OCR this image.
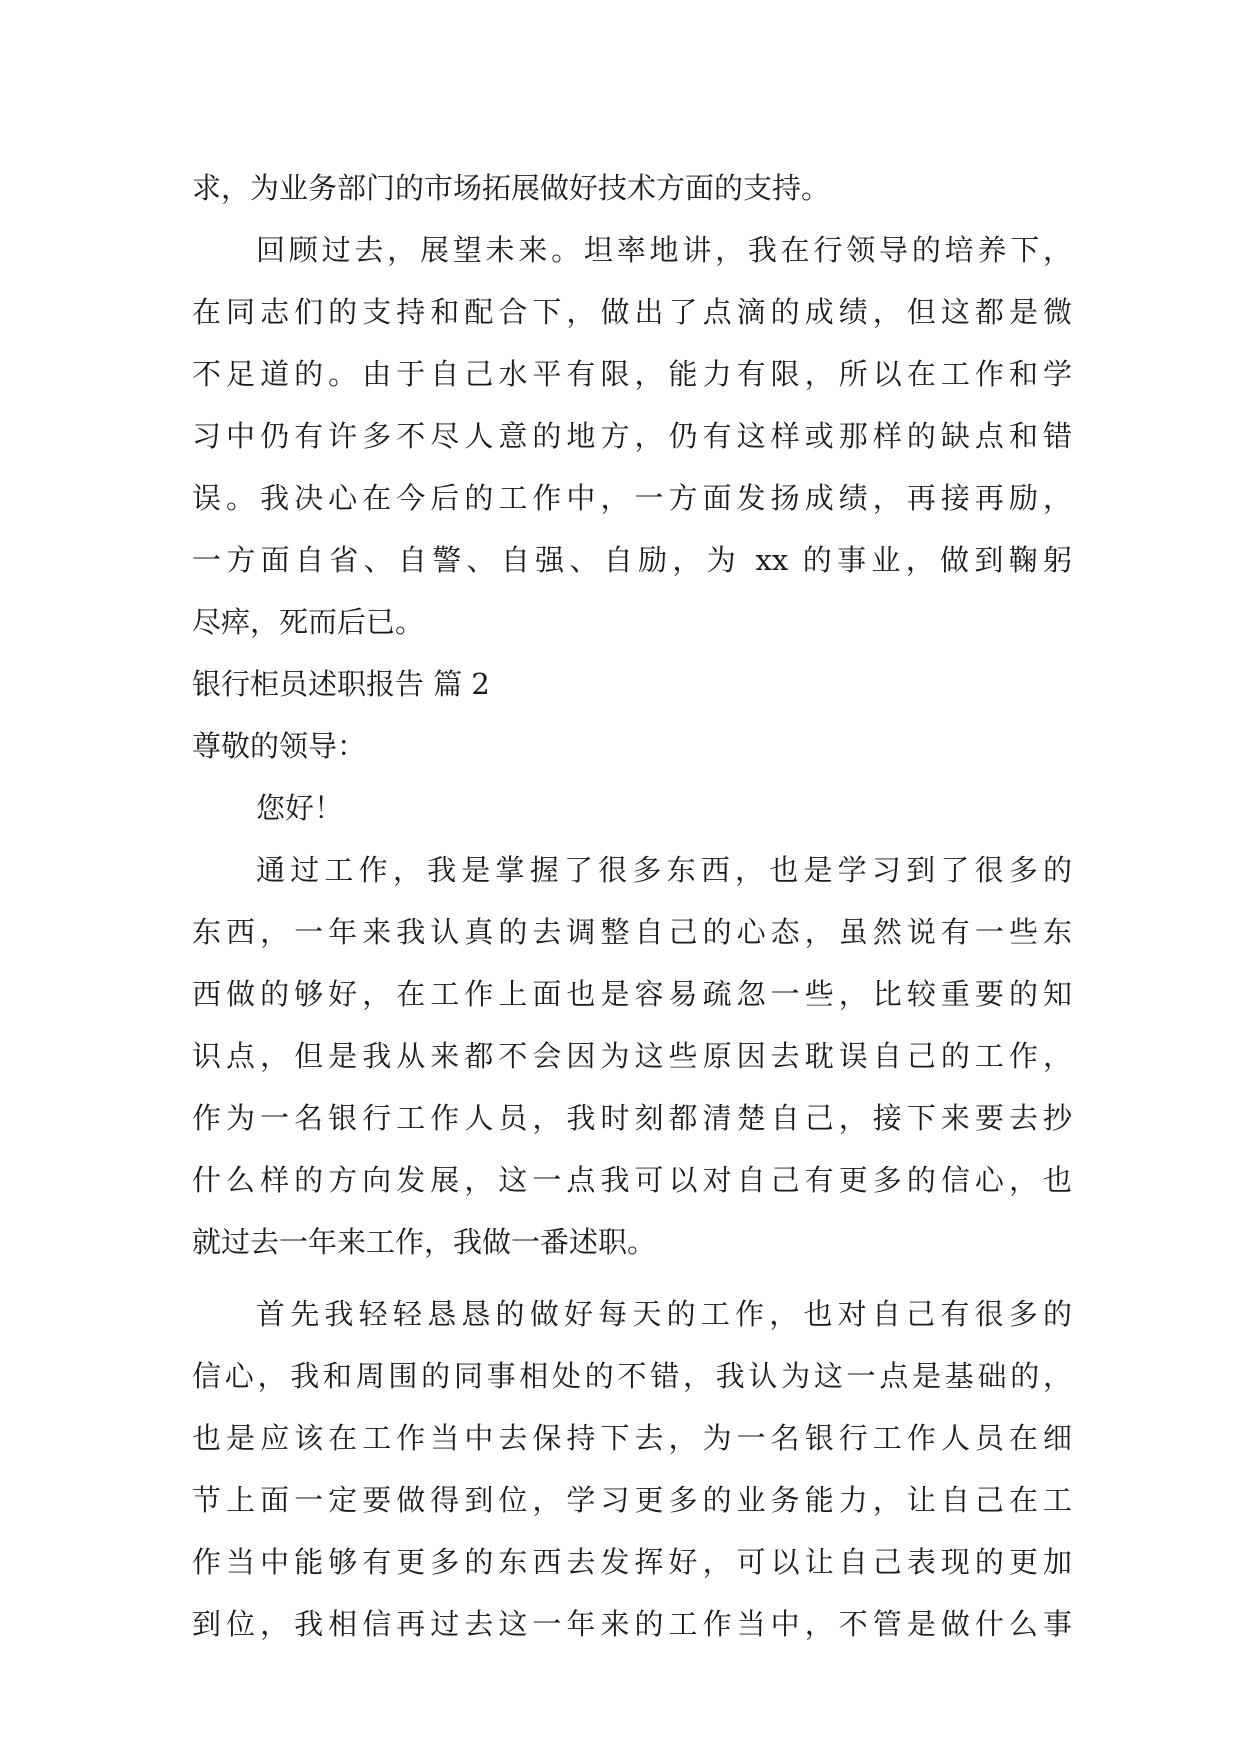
求，为业务部门的市场拓展做好技术方面的支持。
回顾过去，展望未来。坦率地讲，我在行领导的培养下，
在同志们的支持和配合下，做出了点滴的成绩，但这都是微
不足道的。由于自己水平有限，能力有限，所以在工作和学
习中仍有许多不尽人意的地方，仍有这样或那样的缺点和错
误。我决心在今后的工作中，一方面发扬成绩，再接再励，
一方面自省、自警、自强、自励，为 xx 的事业，做到鞠躬
尽瘁，死而后已。
银行柜员述职报告 篇 2
尊敬的领导：
您好！
通过工作，我是掌握了很多东西，也是学习到了很多的
东西，一年来我认真的去调整自己的心态，虽然说有一些东
西做的够好，在工作上面也是容易疏忽一些，比较重要的知
识点，但是我从来都不会因为这些原因去耽误自己的工作，
作为一名银行工作人员，我时刻都清楚自己，接下来要去抄
什么样的方向发展，这一点我可以对自己有更多的信心，也
就过去一年来工作，我做一番述职。
首先我轻轻恳恳的做好每天的工作，也对自己有很多的
信心，我和周围的同事相处的不错，我认为这一点是基础的，
也是应该在工作当中去保持下去，为一名银行工作人员在细
节上面一定要做得到位，学习更多的业务能力，让自己在工
作当中能够有更多的东西去发挥好，可以让自己表现的更加
到位，我相信再过去这一年来的工作当中，不管是做什么事
